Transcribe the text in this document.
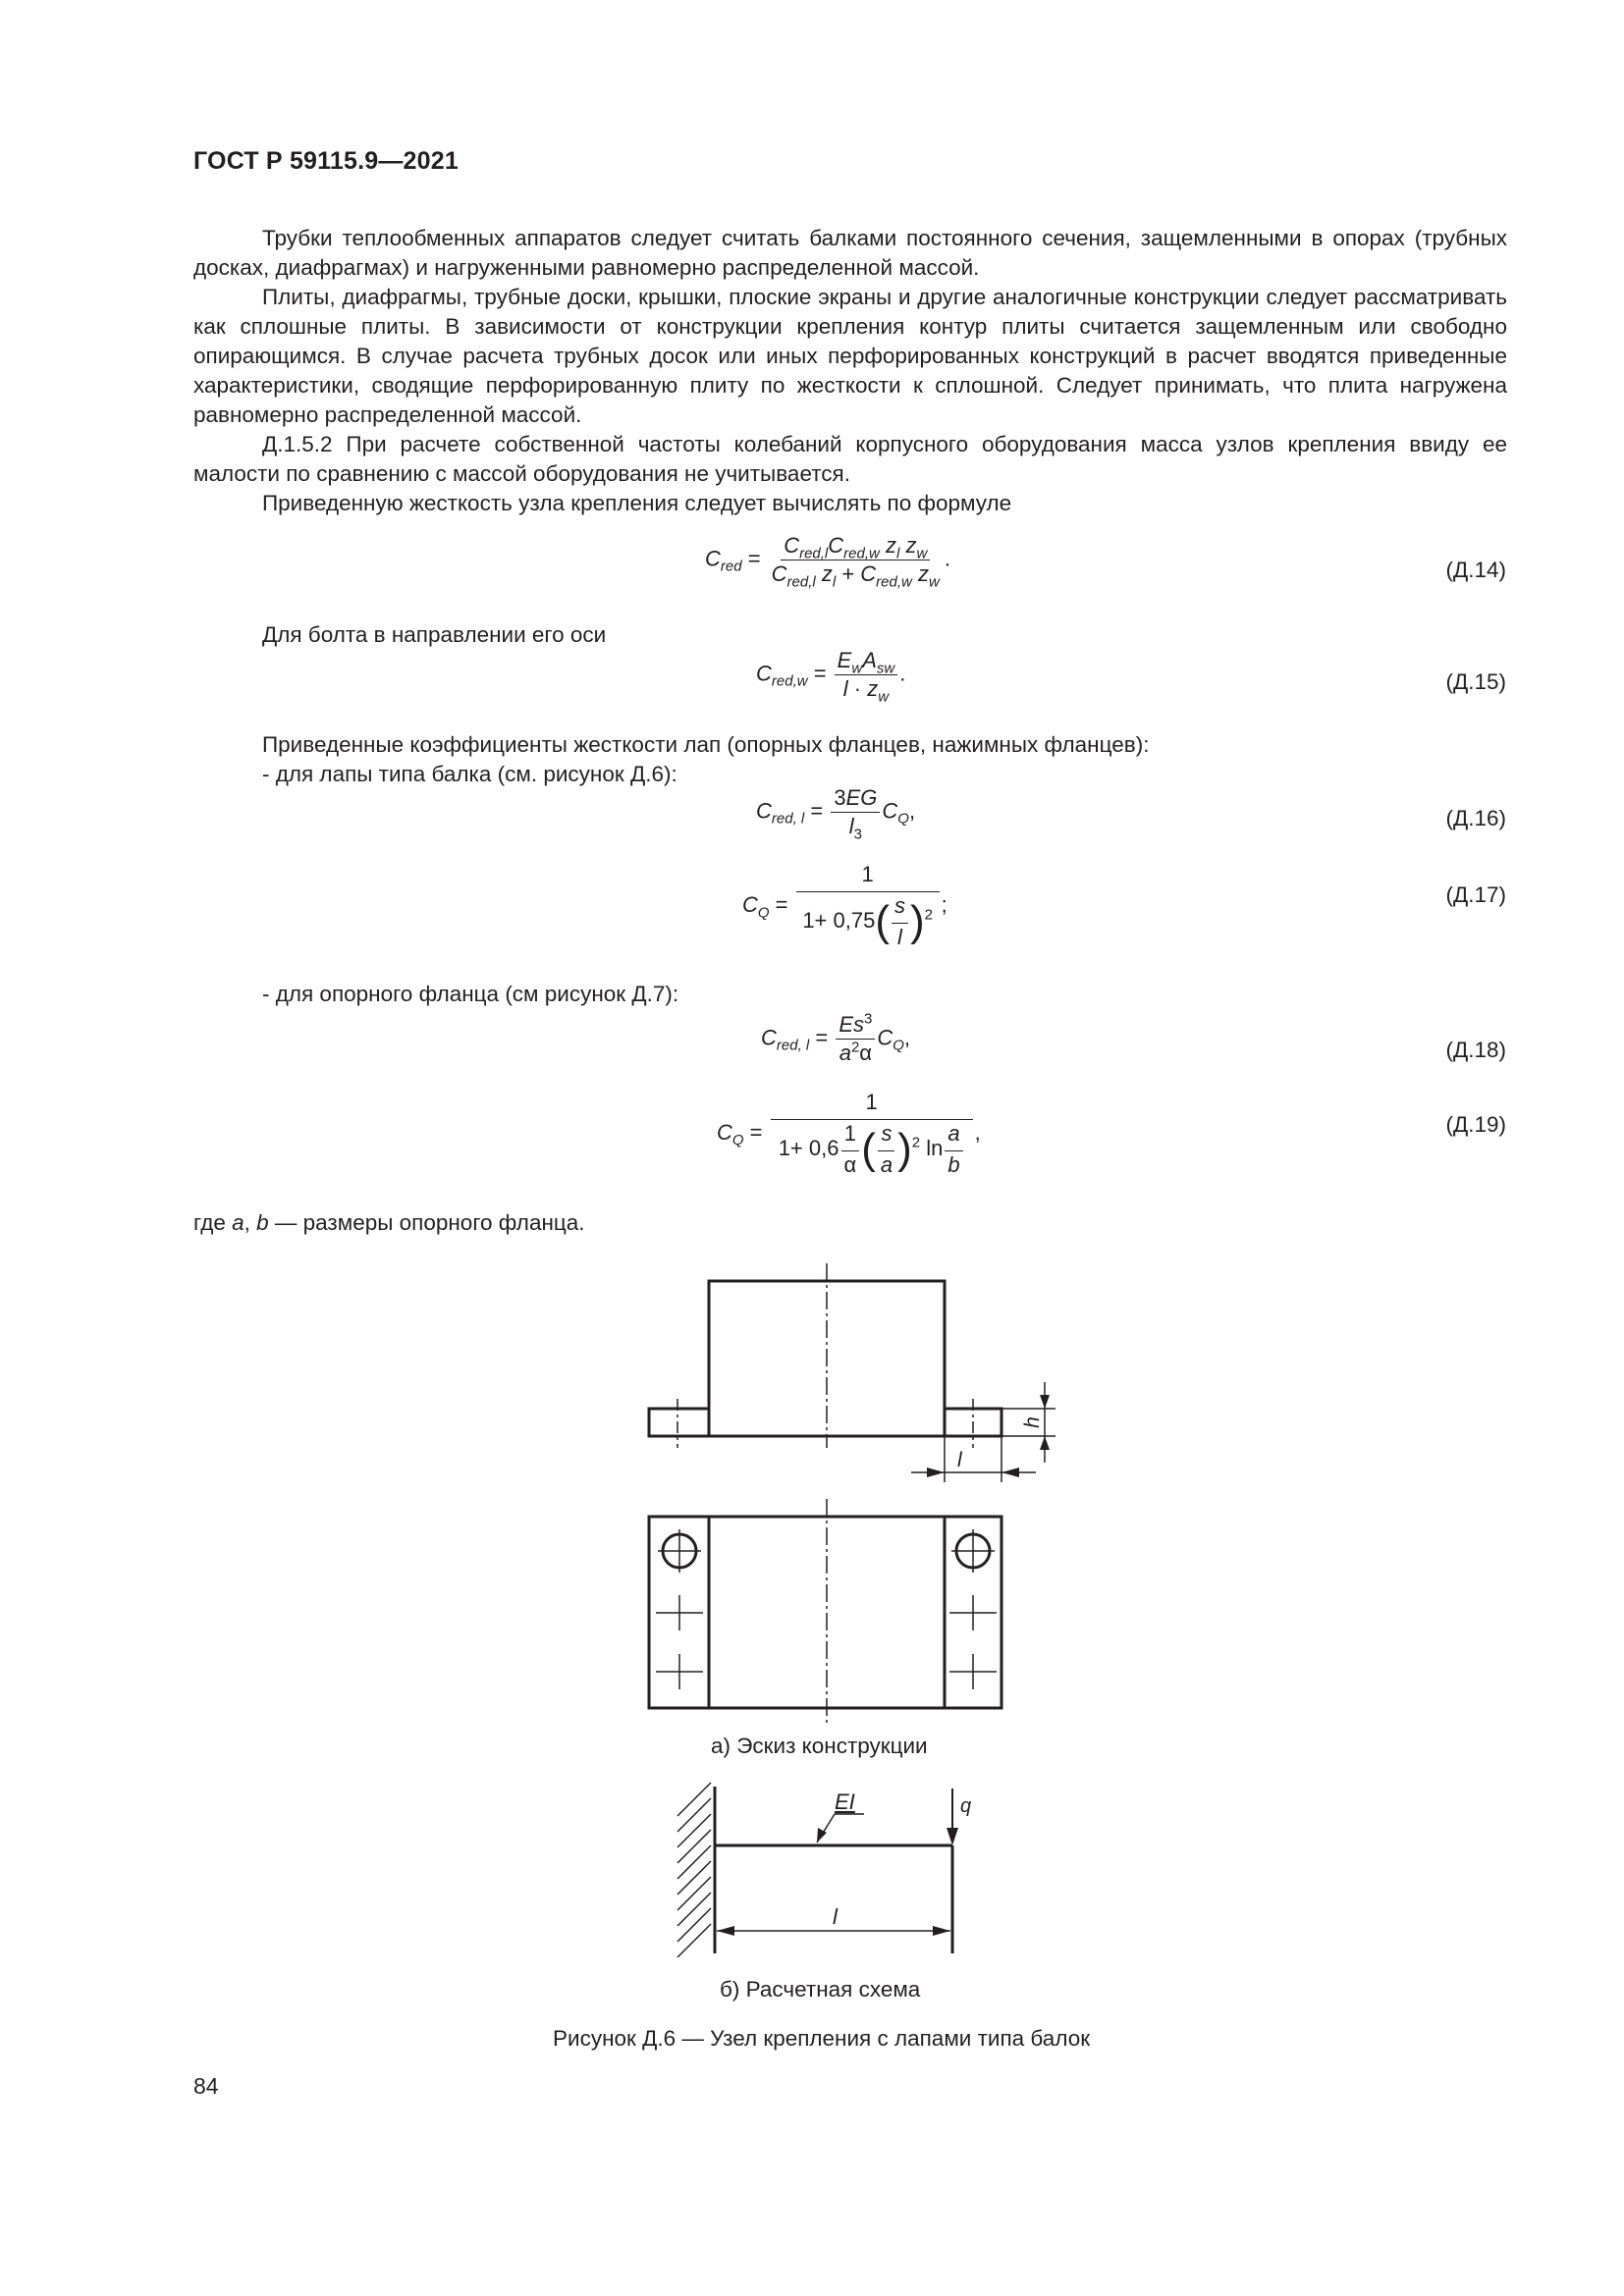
ГОСТ Р 59115.9—2021
Трубки теплообменных аппаратов следует считать балками постоянного сечения, защемленными в опорах (трубных досках, диафрагмах) и нагруженными равномерно распределенной массой.
Плиты, диафрагмы, трубные доски, крышки, плоские экраны и другие аналогичные конструкции следует рассматривать как сплошные плиты. В зависимости от конструкции крепления контур плиты считается защемленным или свободно опирающимся. В случае расчета трубных досок или иных перфорированных конструкций в расчет вводятся приведенные характеристики, сводящие перфорированную плиту по жесткости к сплошной. Следует принимать, что плита нагружена равномерно распределенной массой.
Д.1.5.2 При расчете собственной частоты колебаний корпусного оборудования масса узлов крепления ввиду ее малости по сравнению с массой оборудования не учитывается.
Приведенную жесткость узла крепления следует вычислять по формуле
$C_{red} = \frac{C_{red,l}C_{red,w} z_l z_w}{C_{red,l} z_l + C_{red,w} z_w}$ .	(Д.14)
Для болта в направлении его оси
$C_{red,w} = \frac{E_wA_{sw}}{l \cdot z_w}$ .	(Д.15)
Приведенные коэффициенты жесткости лап (опорных фланцев, нажимных фланцев):
- для лапы типа балка (см. рисунок Д.6):
$C_{red, l} = \frac{3EG}{l_3} C_Q$,	(Д.16)
$C_Q = \frac{1}{1+ 0,75( \frac{s}{l} )^2}$ ;	(Д.17)
- для опорного фланца (см рисунок Д.7):
$C_{red, l} = \frac{Es^3}{a^2\alpha} C_Q$,
(Д.18)
$C_Q = \frac{1}{1+ 0,6 \frac{1}{\alpha} ( \frac{s}{a} )^2 \ln \frac{a}{b}}$ ,	(Д.19)
где a, b — размеры опорного фланца.
h
l
EI	q
l
а) Эскиз конструкции
б) Расчетная схема
Рисунок Д.6 — Узел крепления с лапами типа балок
84
